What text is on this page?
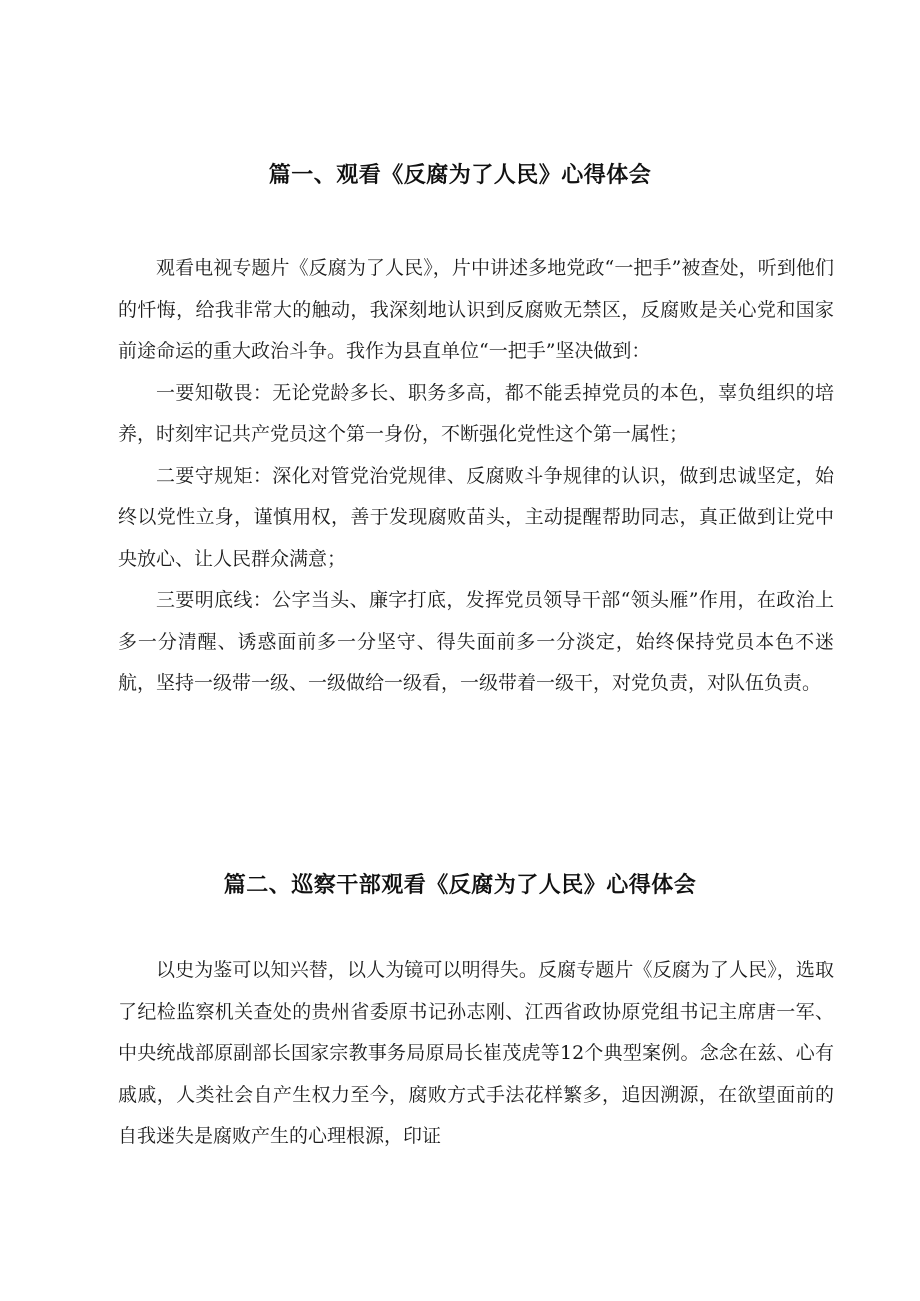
篇一、观看《反腐为了人民》心得体会

观看电视专题片《反腐为了人民》，片中讲述多地党政“一把手”被查处，听到他们的忏悔，给我非常大的触动，我深刻地认识到反腐败无禁区，反腐败是关心党和国家前途命运的重大政治斗争。我作为县直单位“一把手”坚决做到：

一要知敬畏：无论党龄多长、职务多高，都不能丢掉党员的本色，辜负组织的培养，时刻牢记共产党员这个第一身份，不断强化党性这个第一属性；

二要守规矩：深化对管党治党规律、反腐败斗争规律的认识，做到忠诚坚定，始终以党性立身，谨慎用权，善于发现腐败苗头，主动提醒帮助同志，真正做到让党中央放心、让人民群众满意；

三要明底线：公字当头、廉字打底，发挥党员领导干部“领头雁”作用，在政治上多一分清醒、诱惑面前多一分坚守、得失面前多一分淡定，始终保持党员本色不迷航，坚持一级带一级、一级做给一级看，一级带着一级干，对党负责，对队伍负责。

篇二、巡察干部观看《反腐为了人民》心得体会

以史为鉴可以知兴替，以人为镜可以明得失。反腐专题片《反腐为了人民》，选取了纪检监察机关查处的贵州省委原书记孙志刚、江西省政协原党组书记主席唐一军、中央统战部原副部长国家宗教事务局原局长崔茂虎等12个典型案例。念念在兹、心有戚戚，人类社会自产生权力至今，腐败方式手法花样繁多，追因溯源，在欲望面前的自我迷失是腐败产生的心理根源，印证
